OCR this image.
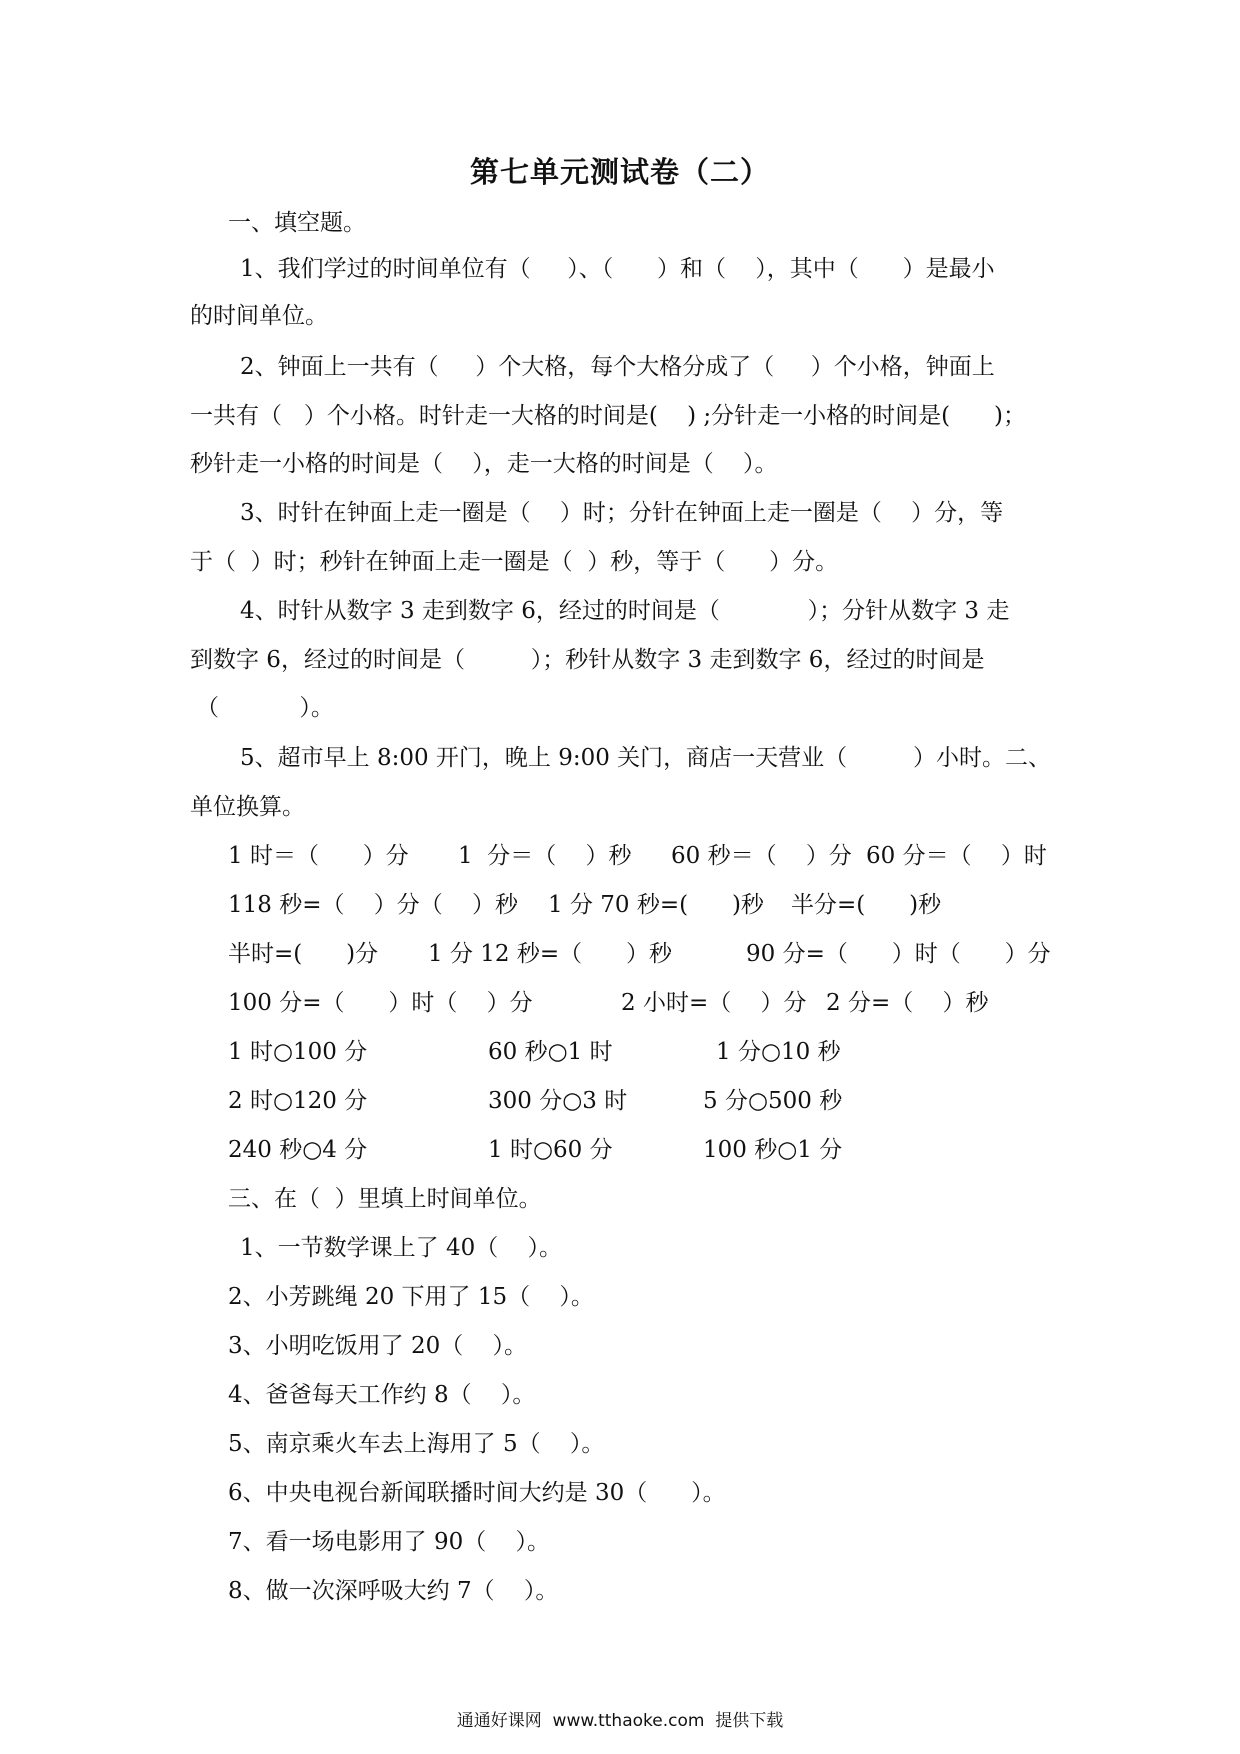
第七单元测试卷（二）
一、填空题。
1、我们学过的时间单位有（     ）、（      ）和（    ），其中（      ）是最小
的时间单位。
2、钟面上一共有（     ）个大格，每个大格分成了（     ）个小格，钟面上
一共有（   ）个小格。时针走一大格的时间是(    ) ;分针走一小格的时间是(      )；
秒针走一小格的时间是（    ），走一大格的时间是（    ）。
3、时针在钟面上走一圈是（    ）时；分针在钟面上走一圈是（    ）分，等
于（  ）时；秒针在钟面上走一圈是（  ）秒，等于（      ）分。
4、时针从数字 3 走到数字 6，经过的时间是（            ）；分针从数字 3 走
到数字 6，经过的时间是（         ）；秒针从数字 3 走到数字 6，经过的时间是
（           ）。
5、超市早上 8:00 开门，晚上 9:00 关门，商店一天营业（         ）小时。二、
单位换算。
1 时＝（      ）分 1  分＝（    ）秒 60 秒＝（    ）分 60 分＝（    ）时
118 秒=（    ）分（    ）秒 1 分 70 秒=(      )秒 半分=(      )秒
半时=(      )分 1 分 12 秒=（      ）秒	90 分=（      ）时（      ）分
100 分=（      ）时（    ）分	2 小时=（    ）分 2 分=（    ）秒
1 时○100 分	60 秒○1 时	1 分○10 秒
2 时○120 分	300 分○3 时	5 分○500 秒
240 秒○4 分	1 时○60 分	100 秒○1 分
三、在（  ）里填上时间单位。
1、一节数学课上了 40（    ）。
2、小芳跳绳 20 下用了 15（    ）。
3、小明吃饭用了 20（    ）。
4、爸爸每天工作约 8（    ）。
5、南京乘火车去上海用了 5（    ）。
6、中央电视台新闻联播时间大约是 30（      ）。
7、看一场电影用了 90（    ）。
8、做一次深呼吸大约 7（    ）。
通通好课网  www.tthaoke.com  提供下载
